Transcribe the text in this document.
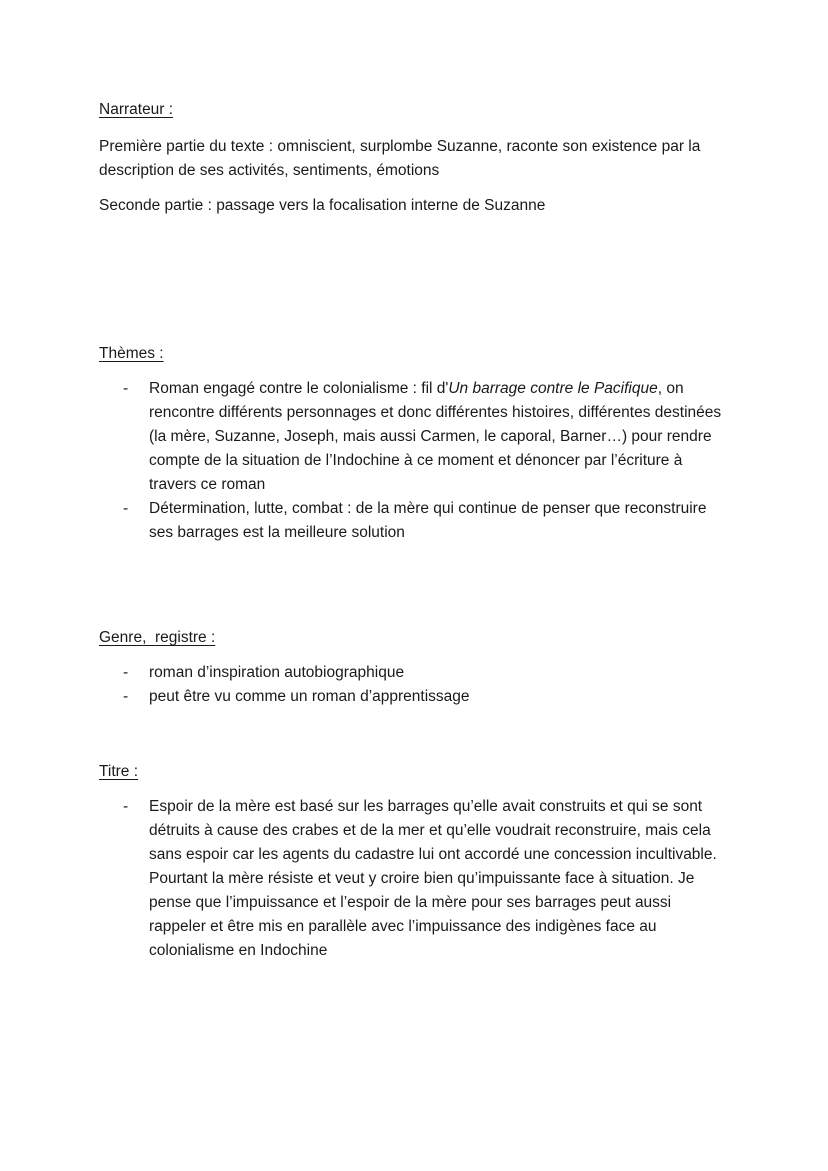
Narrateur :

Première partie du texte : omniscient, surplombe Suzanne, raconte son existence par la description de ses activités, sentiments, émotions

Seconde partie : passage vers la focalisation interne de Suzanne

Thèmes :
- Roman engagé contre le colonialisme : fil d'Un barrage contre le Pacifique, on rencontre différents personnages et donc différentes histoires, différentes destinées (la mère, Suzanne, Joseph, mais aussi Carmen, le caporal, Barner…) pour rendre compte de la situation de l’Indochine à ce moment et dénoncer par l’écriture à travers ce roman
- Détermination, lutte, combat : de la mère qui continue de penser que reconstruire ses barrages est la meilleure solution
Genre,  registre :
- roman d’inspiration autobiographique
- peut être vu comme un roman d’apprentissage
Titre :
- Espoir de la mère est basé sur les barrages qu’elle avait construits et qui se sont détruits à cause des crabes et de la mer et qu’elle voudrait reconstruire, mais cela sans espoir car les agents du cadastre lui ont accordé une concession incultivable. Pourtant la mère résiste et veut y croire bien qu’impuissante face à situation. Je pense que l’impuissance et l’espoir de la mère pour ses barrages peut aussi rappeler et être mis en parallèle avec l’impuissance des indigènes face au colonialisme en Indochine
